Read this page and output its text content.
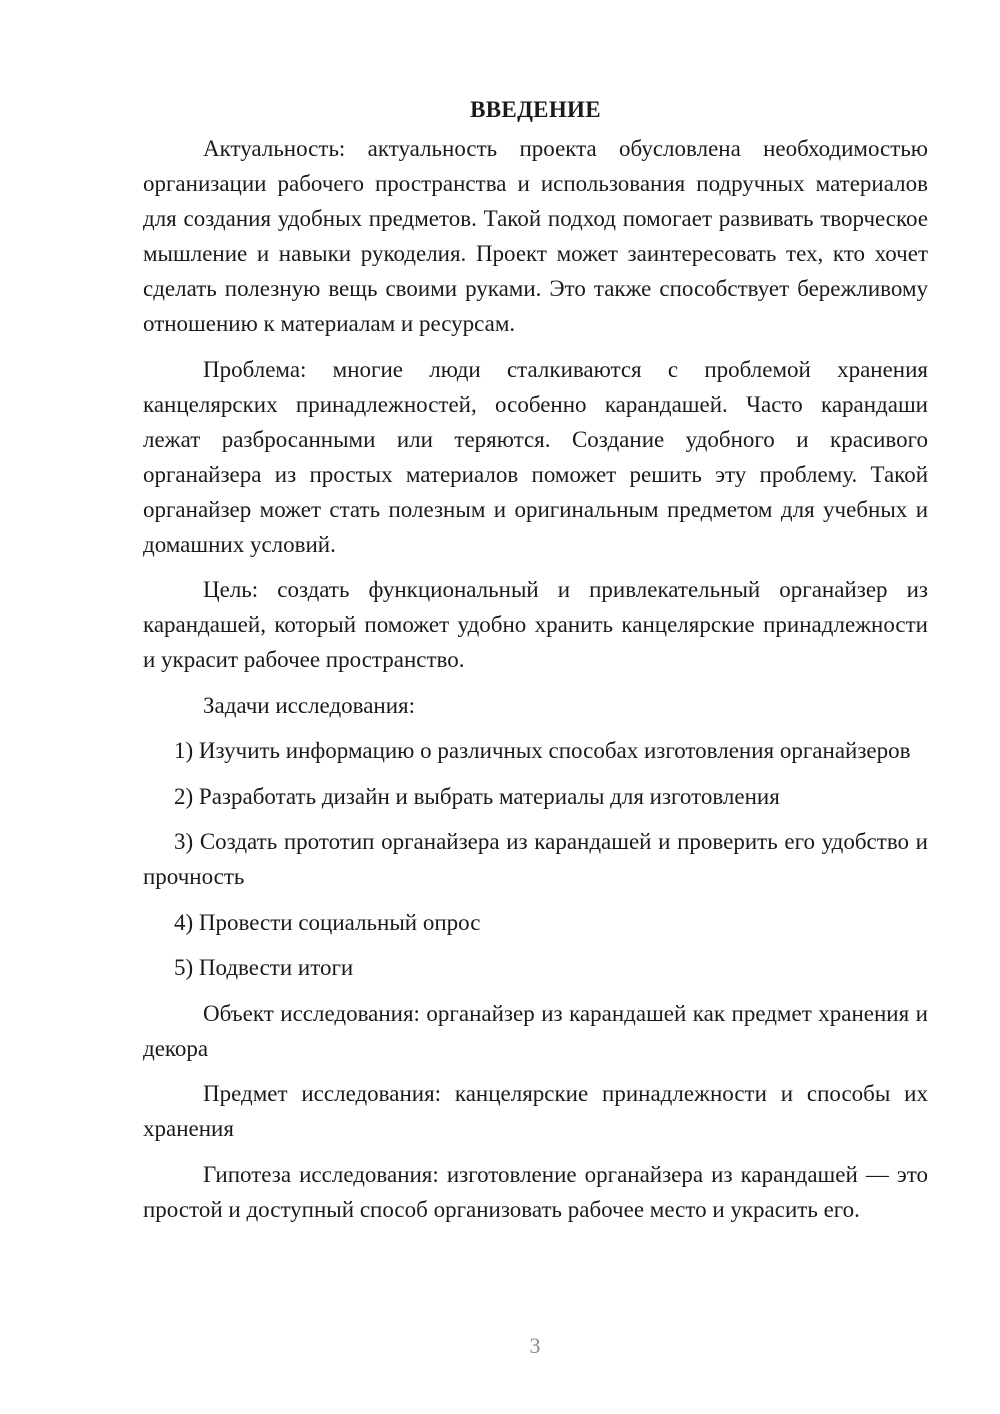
ВВЕДЕНИЕ

Актуальность: актуальность проекта обусловлена необходимостью организации рабочего пространства и использования подручных материалов для создания удобных предметов. Такой подход помогает развивать творческое мышление и навыки рукоделия. Проект может заинтересовать тех, кто хочет сделать полезную вещь своими руками. Это также способствует бережливому отношению к материалам и ресурсам.

Проблема: многие люди сталкиваются с проблемой хранения канцелярских принадлежностей, особенно карандашей. Часто карандаши лежат разбросанными или теряются. Создание удобного и красивого органайзера из простых материалов поможет решить эту проблему. Такой органайзер может стать полезным и оригинальным предметом для учебных и домашних условий.

Цель: создать функциональный и привлекательный органайзер из карандашей, который поможет удобно хранить канцелярские принадлежности и украсит рабочее пространство.

Задачи исследования:

1) Изучить информацию о различных способах изготовления органайзеров

2) Разработать дизайн и выбрать материалы для изготовления

3) Создать прототип органайзера из карандашей и проверить его удобство и прочность

4) Провести социальный опрос

5) Подвести итоги

Объект исследования: органайзер из карандашей как предмет хранения и декора

Предмет исследования: канцелярские принадлежности и способы их хранения

Гипотеза исследования: изготовление органайзера из карандашей — это простой и доступный способ организовать рабочее место и украсить его.

3
